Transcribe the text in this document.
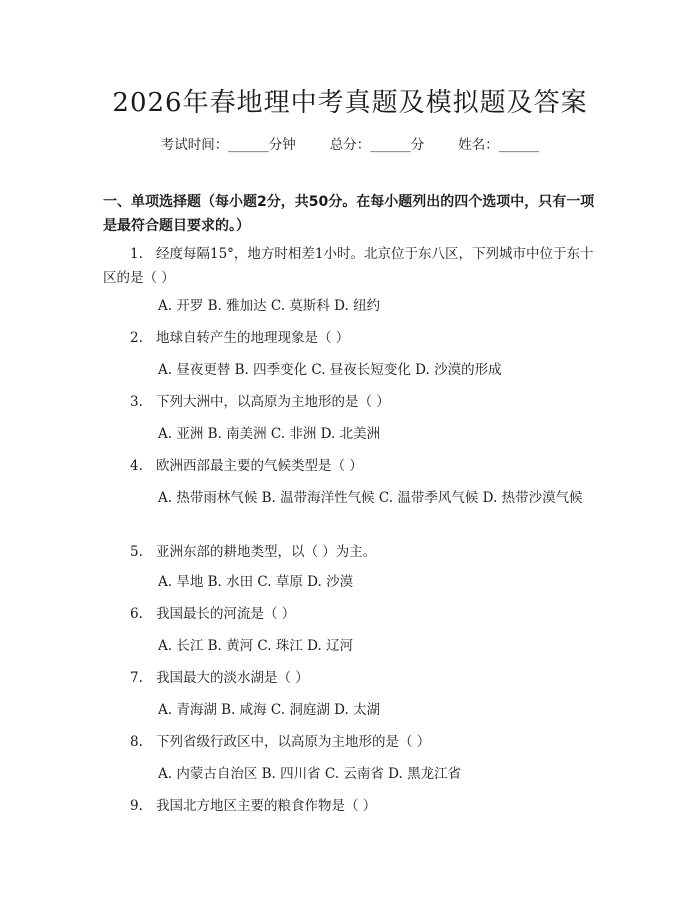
2026年春地理中考真题及模拟题及答案
考试时间：______分钟	总分：______分	姓名：______
一、单项选择题（每小题2分，共50分。在每小题列出的四个选项中，只有一项是最符合题目要求的。）
1. 经度每隔15°，地方时相差1小时。北京位于东八区，下列城市中位于东十区的是（ ）
A. 开罗 B. 雅加达 C. 莫斯科 D. 纽约
2. 地球自转产生的地理现象是（ ）
A. 昼夜更替 B. 四季变化 C. 昼夜长短变化 D. 沙漠的形成
3. 下列大洲中，以高原为主地形的是（ ）
A. 亚洲 B. 南美洲 C. 非洲 D. 北美洲
4. 欧洲西部最主要的气候类型是（ ）
A. 热带雨林气候 B. 温带海洋性气候 C. 温带季风气候 D. 热带沙漠气候
5. 亚洲东部的耕地类型，以（ ）为主。
A. 旱地 B. 水田 C. 草原 D. 沙漠
6. 我国最长的河流是（ ）
A. 长江 B. 黄河 C. 珠江 D. 辽河
7. 我国最大的淡水湖是（ ）
A. 青海湖 B. 咸海 C. 洞庭湖 D. 太湖
8. 下列省级行政区中，以高原为主地形的是（ ）
A. 内蒙古自治区 B. 四川省 C. 云南省 D. 黑龙江省
9. 我国北方地区主要的粮食作物是（ ）
